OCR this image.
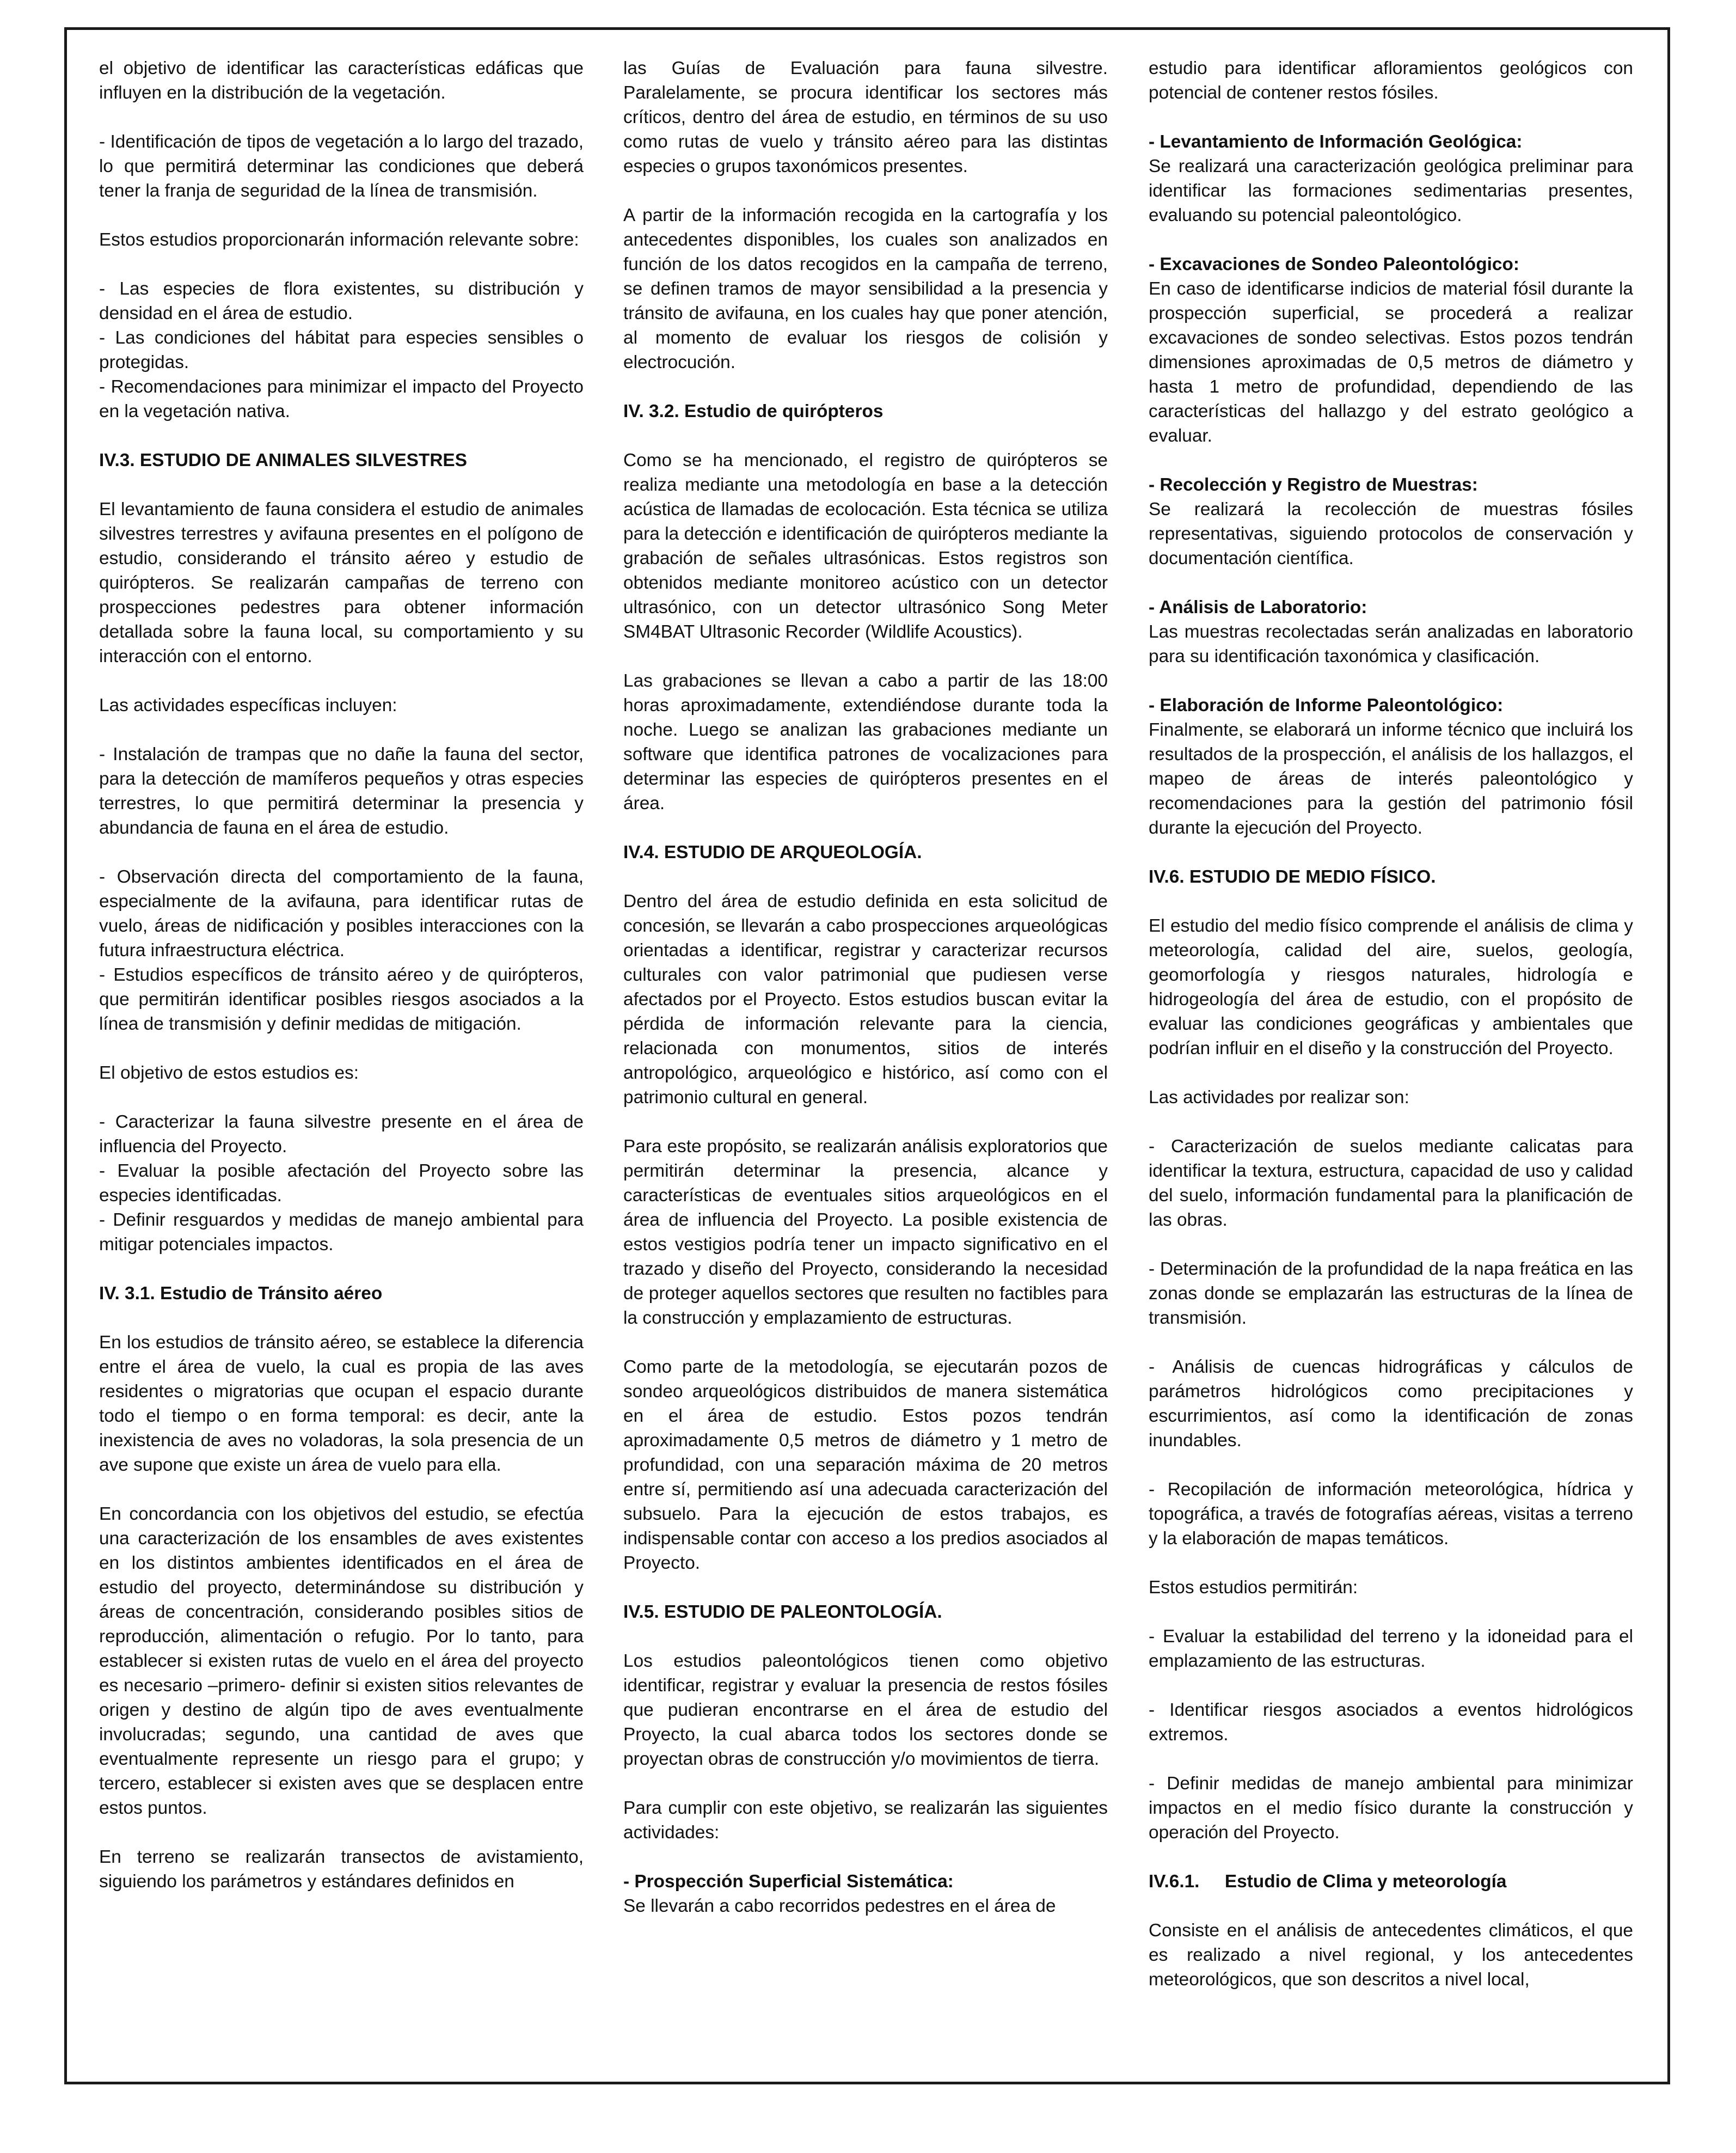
el objetivo de identificar las características edáficas que influyen en la distribución de la vegetación.

- Identificación de tipos de vegetación a lo largo del trazado, lo que permitirá determinar las condiciones que deberá tener la franja de seguridad de la línea de transmisión.

Estos estudios proporcionarán información relevante sobre:

- Las especies de flora existentes, su distribución y densidad en el área de estudio.

- Las condiciones del hábitat para especies sensibles o protegidas.

- Recomendaciones para minimizar el impacto del Proyecto en la vegetación nativa.

IV.3. ESTUDIO DE ANIMALES SILVESTRES

El levantamiento de fauna considera el estudio de animales silvestres terrestres y avifauna presentes en el polígono de estudio, considerando el tránsito aéreo y estudio de quirópteros. Se realizarán campañas de terreno con prospecciones pedestres para obtener información detallada sobre la fauna local, su comportamiento y su interacción con el entorno.

Las actividades específicas incluyen:

- Instalación de trampas que no dañe la fauna del sector, para la detección de mamíferos pequeños y otras especies terrestres, lo que permitirá determinar la presencia y abundancia de fauna en el área de estudio.

- Observación directa del comportamiento de la fauna, especialmente de la avifauna, para identificar rutas de vuelo, áreas de nidificación y posibles interacciones con la futura infraestructura eléctrica.

- Estudios específicos de tránsito aéreo y de quirópteros, que permitirán identificar posibles riesgos asociados a la línea de transmisión y definir medidas de mitigación.

El objetivo de estos estudios es:

- Caracterizar la fauna silvestre presente en el área de influencia del Proyecto.

- Evaluar la posible afectación del Proyecto sobre las especies identificadas.

- Definir resguardos y medidas de manejo ambiental para mitigar potenciales impactos.

IV. 3.1. Estudio de Tránsito aéreo

En los estudios de tránsito aéreo, se establece la diferencia entre el área de vuelo, la cual es propia de las aves residentes o migratorias que ocupan el espacio durante todo el tiempo o en forma temporal: es decir, ante la inexistencia de aves no voladoras, la sola presencia de un ave supone que existe un área de vuelo para ella.

En concordancia con los objetivos del estudio, se efectúa una caracterización de los ensambles de aves existentes en los distintos ambientes identificados en el área de estudio del proyecto, determinándose su distribución y áreas de concentración, considerando posibles sitios de reproducción, alimentación o refugio. Por lo tanto, para establecer si existen rutas de vuelo en el área del proyecto es necesario –primero- definir si existen sitios relevantes de origen y destino de algún tipo de aves eventualmente involucradas; segundo, una cantidad de aves que eventualmente represente un riesgo para el grupo; y tercero, establecer si existen aves que se desplacen entre estos puntos.

En terreno se realizarán transectos de avistamiento, siguiendo los parámetros y estándares definidos en

las Guías de Evaluación para fauna silvestre. Paralelamente, se procura identificar los sectores más críticos, dentro del área de estudio, en términos de su uso como rutas de vuelo y tránsito aéreo para las distintas especies o grupos taxonómicos presentes.

A partir de la información recogida en la cartografía y los antecedentes disponibles, los cuales son analizados en función de los datos recogidos en la campaña de terreno, se definen tramos de mayor sensibilidad a la presencia y tránsito de avifauna, en los cuales hay que poner atención, al momento de evaluar los riesgos de colisión y electrocución.

IV. 3.2. Estudio de quirópteros

Como se ha mencionado, el registro de quirópteros se realiza mediante una metodología en base a la detección acústica de llamadas de ecolocación. Esta técnica se utiliza para la detección e identificación de quirópteros mediante la grabación de señales ultrasónicas. Estos registros son obtenidos mediante monitoreo acústico con un detector ultrasónico, con un detector ultrasónico Song Meter SM4BAT Ultrasonic Recorder (Wildlife Acoustics).

Las grabaciones se llevan a cabo a partir de las 18:00 horas aproximadamente, extendiéndose durante toda la noche. Luego se analizan las grabaciones mediante un software que identifica patrones de vocalizaciones para determinar las especies de quirópteros presentes en el área.

IV.4. ESTUDIO DE ARQUEOLOGÍA.

Dentro del área de estudio definida en esta solicitud de concesión, se llevarán a cabo prospecciones arqueológicas orientadas a identificar, registrar y caracterizar recursos culturales con valor patrimonial que pudiesen verse afectados por el Proyecto. Estos estudios buscan evitar la pérdida de información relevante para la ciencia, relacionada con monumentos, sitios de interés antropológico, arqueológico e histórico, así como con el patrimonio cultural en general.

Para este propósito, se realizarán análisis exploratorios que permitirán determinar la presencia, alcance y características de eventuales sitios arqueológicos en el área de influencia del Proyecto. La posible existencia de estos vestigios podría tener un impacto significativo en el trazado y diseño del Proyecto, considerando la necesidad de proteger aquellos sectores que resulten no factibles para la construcción y emplazamiento de estructuras.

Como parte de la metodología, se ejecutarán pozos de sondeo arqueológicos distribuidos de manera sistemática en el área de estudio. Estos pozos tendrán aproximadamente 0,5 metros de diámetro y 1 metro de profundidad, con una separación máxima de 20 metros entre sí, permitiendo así una adecuada caracterización del subsuelo. Para la ejecución de estos trabajos, es indispensable contar con acceso a los predios asociados al Proyecto.

IV.5. ESTUDIO DE PALEONTOLOGÍA.

Los estudios paleontológicos tienen como objetivo identificar, registrar y evaluar la presencia de restos fósiles que pudieran encontrarse en el área de estudio del Proyecto, la cual abarca todos los sectores donde se proyectan obras de construcción y/o movimientos de tierra.

Para cumplir con este objetivo, se realizarán las siguientes actividades:

- Prospección Superficial Sistemática:

Se llevarán a cabo recorridos pedestres en el área de

estudio para identificar afloramientos geológicos con potencial de contener restos fósiles.

- Levantamiento de Información Geológica:

Se realizará una caracterización geológica preliminar para identificar las formaciones sedimentarias presentes, evaluando su potencial paleontológico.

- Excavaciones de Sondeo Paleontológico:

En caso de identificarse indicios de material fósil durante la prospección superficial, se procederá a realizar excavaciones de sondeo selectivas. Estos pozos tendrán dimensiones aproximadas de 0,5 metros de diámetro y hasta 1 metro de profundidad, dependiendo de las características del hallazgo y del estrato geológico a evaluar.

- Recolección y Registro de Muestras:

Se realizará la recolección de muestras fósiles representativas, siguiendo protocolos de conservación y documentación científica.

- Análisis de Laboratorio:

Las muestras recolectadas serán analizadas en laboratorio para su identificación taxonómica y clasificación.

- Elaboración de Informe Paleontológico:

Finalmente, se elaborará un informe técnico que incluirá los resultados de la prospección, el análisis de los hallazgos, el mapeo de áreas de interés paleontológico y recomendaciones para la gestión del patrimonio fósil durante la ejecución del Proyecto.

IV.6. ESTUDIO DE MEDIO FÍSICO.

El estudio del medio físico comprende el análisis de clima y meteorología, calidad del aire, suelos, geología, geomorfología y riesgos naturales, hidrología e hidrogeología del área de estudio, con el propósito de evaluar las condiciones geográficas y ambientales que podrían influir en el diseño y la construcción del Proyecto.

Las actividades por realizar son:

- Caracterización de suelos mediante calicatas para identificar la textura, estructura, capacidad de uso y calidad del suelo, información fundamental para la planificación de las obras.

- Determinación de la profundidad de la napa freática en las zonas donde se emplazarán las estructuras de la línea de transmisión.

- Análisis de cuencas hidrográficas y cálculos de parámetros hidrológicos como precipitaciones y escurrimientos, así como la identificación de zonas inundables.

- Recopilación de información meteorológica, hídrica y topográfica, a través de fotografías aéreas, visitas a terreno y la elaboración de mapas temáticos.

Estos estudios permitirán:

- Evaluar la estabilidad del terreno y la idoneidad para el emplazamiento de las estructuras.

- Identificar riesgos asociados a eventos hidrológicos extremos.

- Definir medidas de manejo ambiental para minimizar impactos en el medio físico durante la construcción y operación del Proyecto.

IV.6.1.     Estudio de Clima y meteorología

Consiste en el análisis de antecedentes climáticos, el que es realizado a nivel regional, y los antecedentes meteorológicos, que son descritos a nivel local,
